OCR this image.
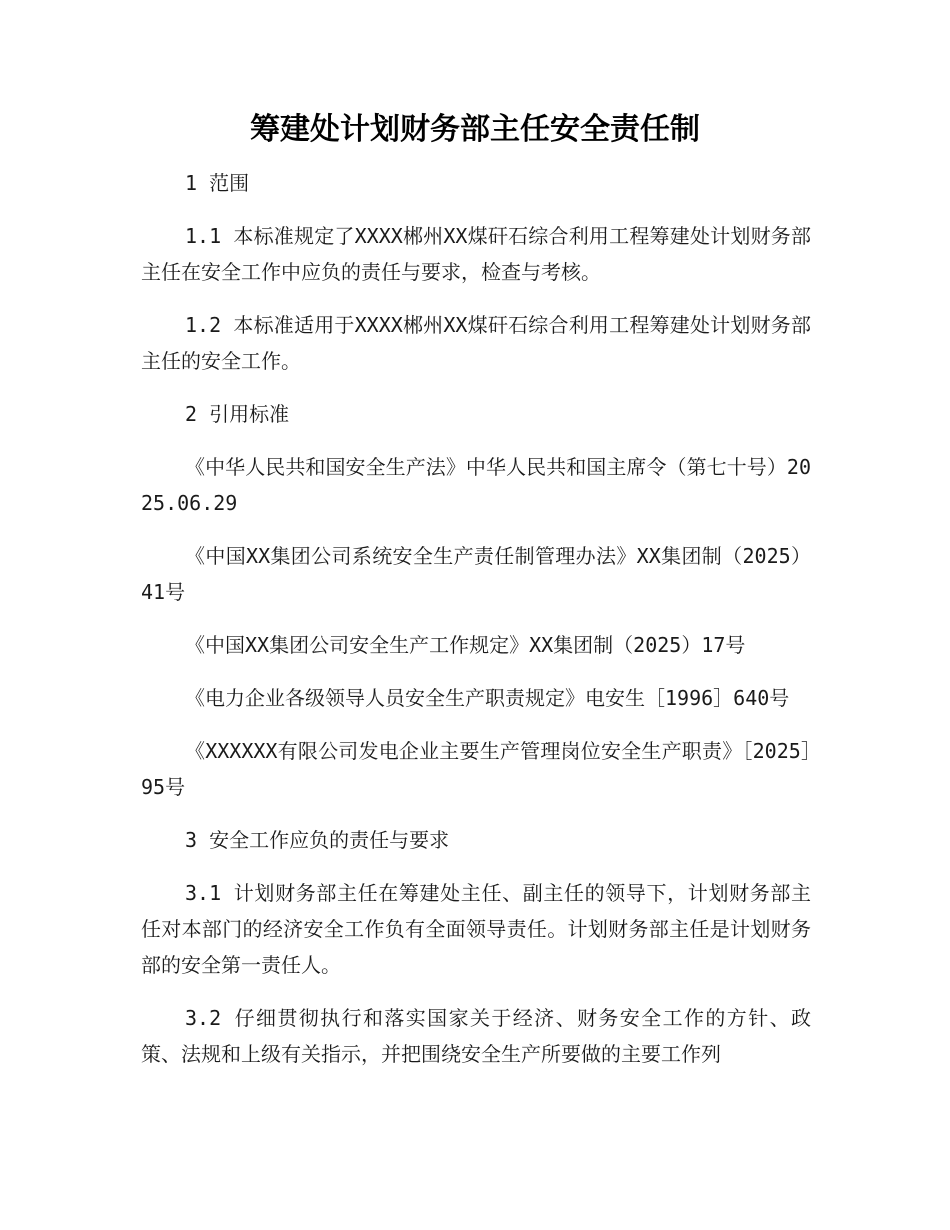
筹建处计划财务部主任安全责任制

1 范围

1.1 本标准规定了XXXX郴州XX煤矸石综合利用工程筹建处计划财务部主任在安全工作中应负的责任与要求，检查与考核。

1.2 本标准适用于XXXX郴州XX煤矸石综合利用工程筹建处计划财务部主任的安全工作。

2 引用标准

《中华人民共和国安全生产法》中华人民共和国主席令（第七十号）2025.06.29

《中国XX集团公司系统安全生产责任制管理办法》XX集团制（2025）41号

《中国XX集团公司安全生产工作规定》XX集团制（2025）17号

《电力企业各级领导人员安全生产职责规定》电安生［1996］640号

《XXXXXX有限公司发电企业主要生产管理岗位安全生产职责》［2025］95号

3 安全工作应负的责任与要求

3.1 计划财务部主任在筹建处主任、副主任的领导下，计划财务部主任对本部门的经济安全工作负有全面领导责任。计划财务部主任是计划财务部的安全第一责任人。

3.2 仔细贯彻执行和落实国家关于经济、财务安全工作的方针、政策、法规和上级有关指示，并把围绕安全生产所要做的主要工作列
